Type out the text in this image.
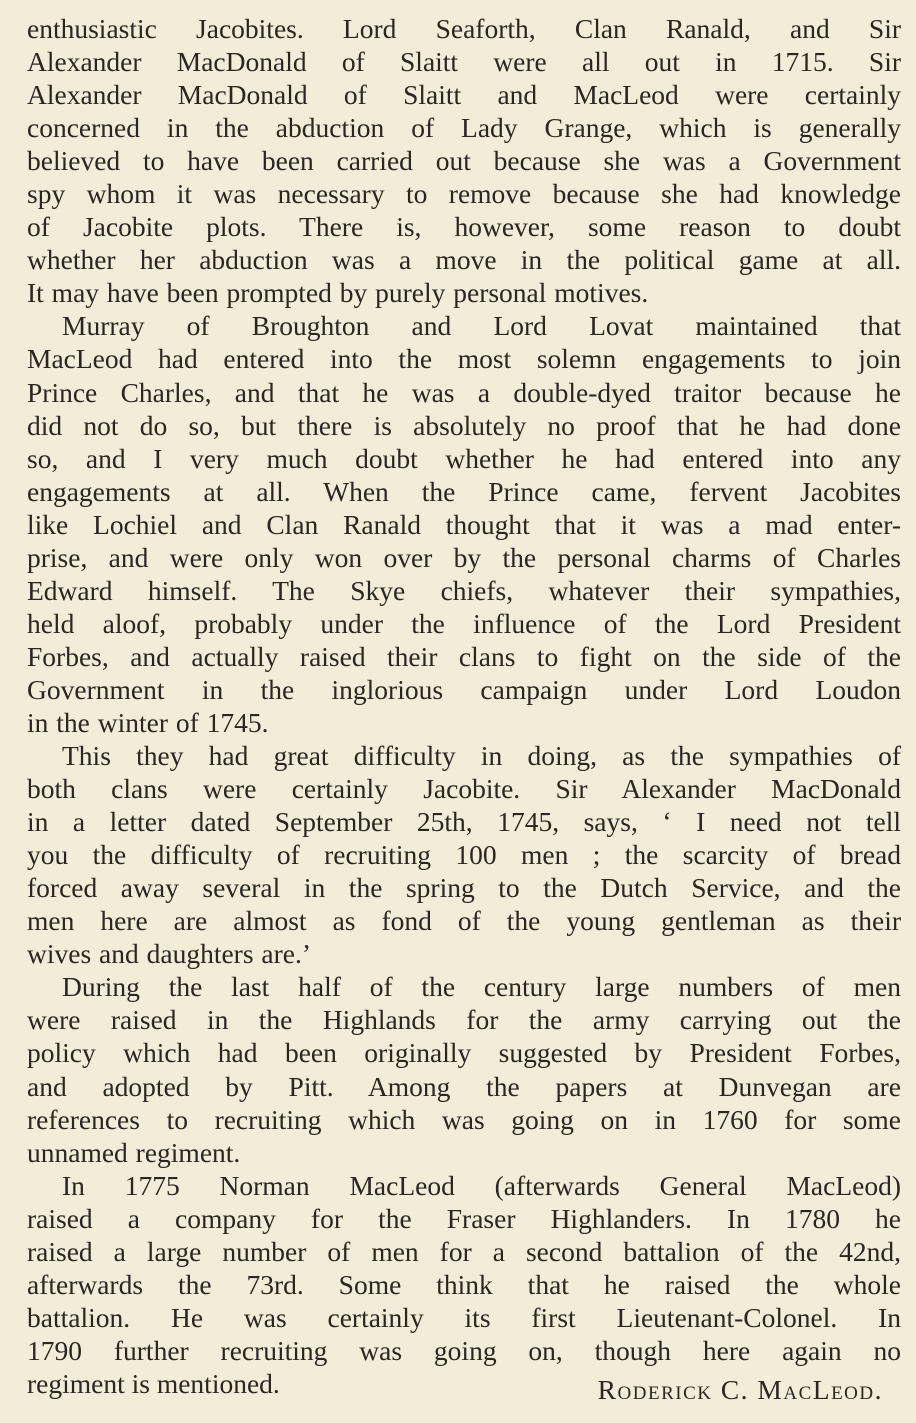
enthusiastic Jacobites. Lord Seaforth, Clan Ranald, and Sir
Alexander MacDonald of Slaitt were all out in 1715. Sir
Alexander MacDonald of Slaitt and MacLeod were certainly
concerned in the abduction of Lady Grange, which is generally
believed to have been carried out because she was a Government
spy whom it was necessary to remove because she had knowledge
of Jacobite plots. There is, however, some reason to doubt
whether her abduction was a move in the political game at all.
It may have been prompted by purely personal motives.
Murray of Broughton and Lord Lovat maintained that
MacLeod had entered into the most solemn engagements to join
Prince Charles, and that he was a double-dyed traitor because he
did not do so, but there is absolutely no proof that he had done
so, and I very much doubt whether he had entered into any
engagements at all. When the Prince came, fervent Jacobites
like Lochiel and Clan Ranald thought that it was a mad enter-
prise, and were only won over by the personal charms of Charles
Edward himself. The Skye chiefs, whatever their sympathies,
held aloof, probably under the influence of the Lord President
Forbes, and actually raised their clans to fight on the side of the
Government in the inglorious campaign under Lord Loudon
in the winter of 1745.
This they had great difficulty in doing, as the sympathies of
both clans were certainly Jacobite. Sir Alexander MacDonald
in a letter dated September 25th, 1745, says, ‘ I need not tell
you the difficulty of recruiting 100 men ; the scarcity of bread
forced away several in the spring to the Dutch Service, and the
men here are almost as fond of the young gentleman as their
wives and daughters are.’
During the last half of the century large numbers of men
were raised in the Highlands for the army carrying out the
policy which had been originally suggested by President Forbes,
and adopted by Pitt. Among the papers at Dunvegan are
references to recruiting which was going on in 1760 for some
unnamed regiment.
In 1775 Norman MacLeod (afterwards General MacLeod)
raised a company for the Fraser Highlanders. In 1780 he
raised a large number of men for a second battalion of the 42nd,
afterwards the 73rd. Some think that he raised the whole
battalion. He was certainly its first Lieutenant-Colonel. In
1790 further recruiting was going on, though here again no
regiment is mentioned.	Roderick C. MacLeod.
